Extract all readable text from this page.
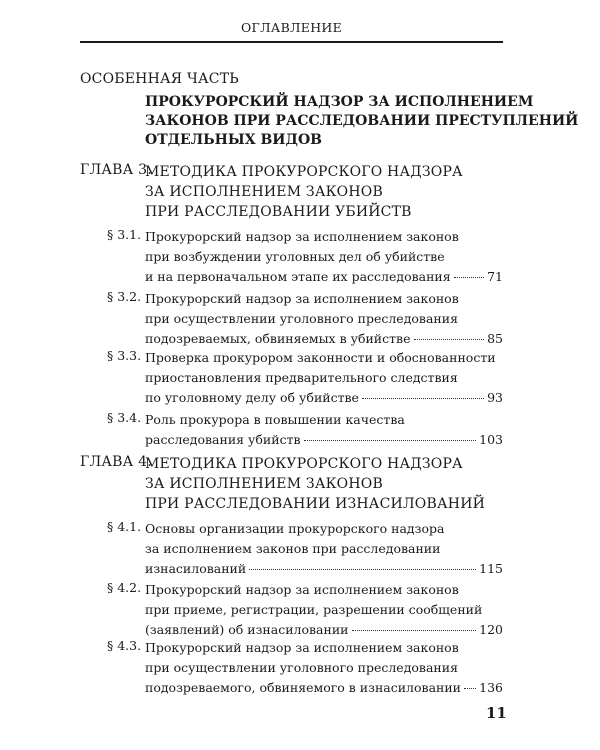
ОГЛАВЛЕНИЕ
ОСОБЕННАЯ ЧАСТЬ
ПРОКУРОРСКИЙ НАДЗОР ЗА ИСПОЛНЕНИЕМ
ЗАКОНОВ ПРИ РАССЛЕДОВАНИИ ПРЕСТУПЛЕНИЙ
ОТДЕЛЬНЫХ ВИДОВ
ГЛАВА 3.
МЕТОДИКА ПРОКУРОРСКОГО НАДЗОРА
ЗА ИСПОЛНЕНИЕМ ЗАКОНОВ
ПРИ РАССЛЕДОВАНИИ УБИЙСТВ
§ 3.1. Прокурорский надзор за исполнением законов
при возбуждении уголовных дел об убийстве
и на первоначальном этапе их расследования	71
§ 3.2. Прокурорский надзор за исполнением законов
при осуществлении уголовного преследования
подозреваемых, обвиняемых в убийстве	85
§ 3.3. Проверка прокурором законности и обоснованности
приостановления предварительного следствия
по уголовному делу об убийстве	93
§ 3.4. Роль прокурора в повышении качества
расследования убийств	103
ГЛАВА 4.
МЕТОДИКА ПРОКУРОРСКОГО НАДЗОРА
ЗА ИСПОЛНЕНИЕМ ЗАКОНОВ
ПРИ РАССЛЕДОВАНИИ ИЗНАСИЛОВАНИЙ
§ 4.1. Основы организации прокурорского надзора
за исполнением законов при расследовании
изнасилований	115
§ 4.2. Прокурорский надзор за исполнением законов
при приеме, регистрации, разрешении сообщений
(заявлений) об изнасиловании	120
§ 4.3. Прокурорский надзор за исполнением законов
при осуществлении уголовного преследования
подозреваемого, обвиняемого в изнасиловании 136
11
